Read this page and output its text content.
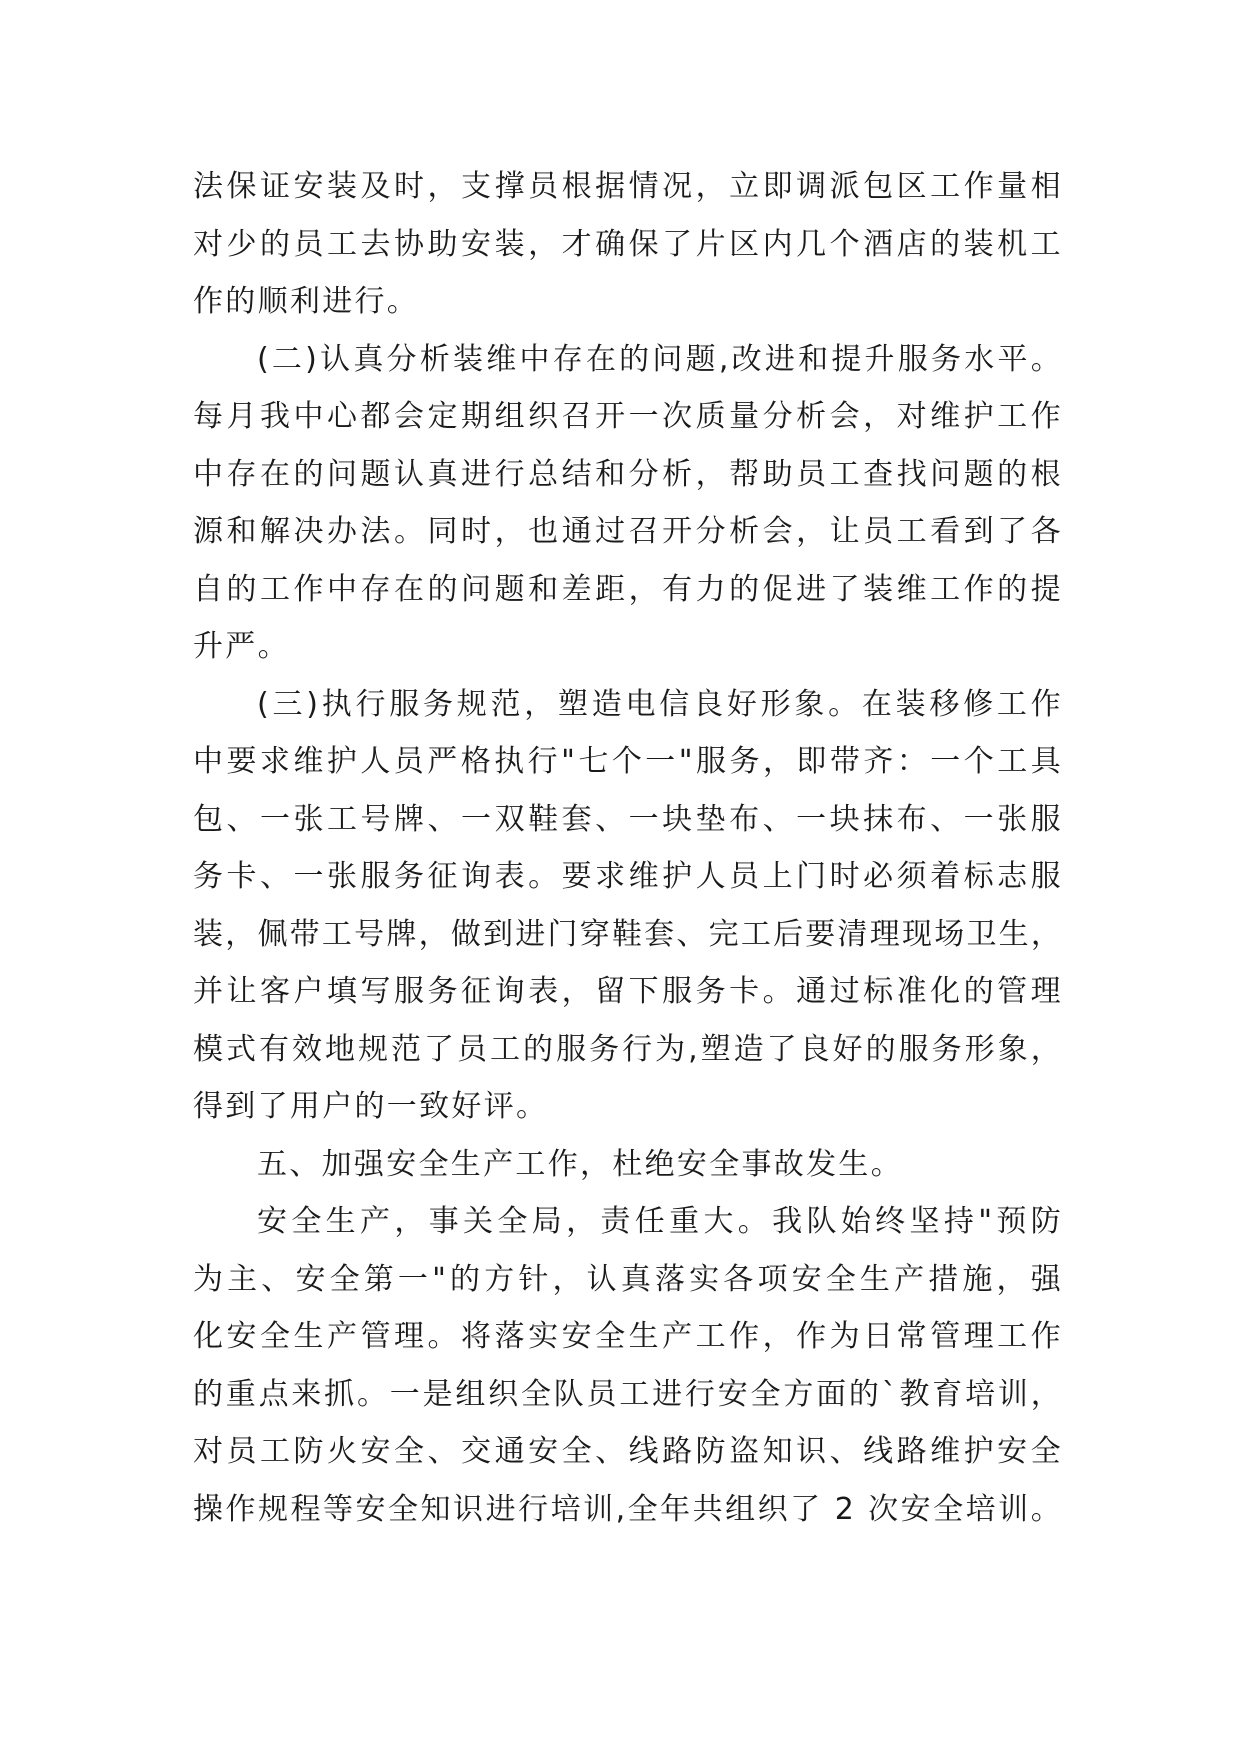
法保证安装及时，支撑员根据情况，立即调派包区工作量相
对少的员工去协助安装，才确保了片区内几个酒店的装机工
作的顺利进行。
(二)认真分析装维中存在的问题,改进和提升服务水平。
每月我中心都会定期组织召开一次质量分析会，对维护工作
中存在的问题认真进行总结和分析，帮助员工查找问题的根
源和解决办法。同时，也通过召开分析会，让员工看到了各
自的工作中存在的问题和差距，有力的促进了装维工作的提
升严。
(三)执行服务规范，塑造电信良好形象。在装移修工作
中要求维护人员严格执行"七个一"服务，即带齐：一个工具
包、一张工号牌、一双鞋套、一块垫布、一块抹布、一张服
务卡、一张服务征询表。要求维护人员上门时必须着标志服
装，佩带工号牌，做到进门穿鞋套、完工后要清理现场卫生，
并让客户填写服务征询表，留下服务卡。通过标准化的管理
模式有效地规范了员工的服务行为,塑造了良好的服务形象，
得到了用户的一致好评。
五、加强安全生产工作，杜绝安全事故发生。
安全生产，事关全局，责任重大。我队始终坚持"预防
为主、安全第一"的方针，认真落实各项安全生产措施，强
化安全生产管理。将落实安全生产工作，作为日常管理工作
的重点来抓。一是组织全队员工进行安全方面的`教育培训，
对员工防火安全、交通安全、线路防盗知识、线路维护安全
操作规程等安全知识进行培训,全年共组织了 2 次安全培训。
